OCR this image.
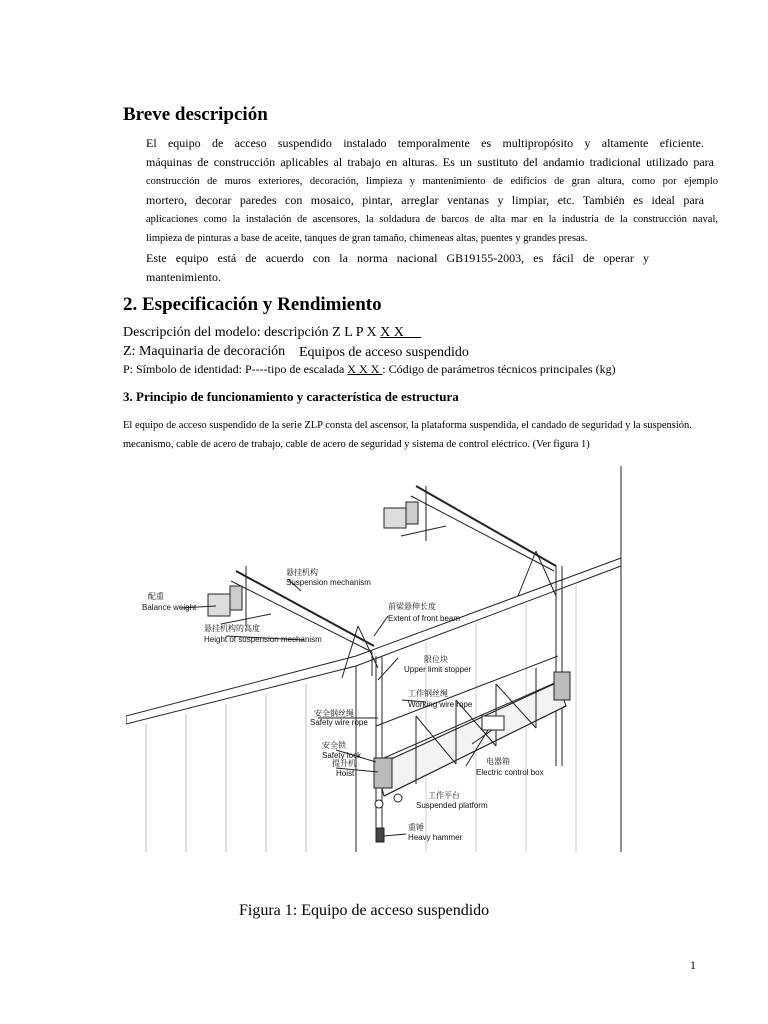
Breve descripción
El equipo de acceso suspendido instalado temporalmente es multipropósito y altamente eficiente.
máquinas de construcción aplicables al trabajo en alturas. Es un sustituto del andamio tradicional utilizado para
construcción de muros exteriores, decoración, limpieza y mantenimiento de edificios de gran altura, como por ejemplo
mortero, decorar paredes con mosaico, pintar, arreglar ventanas y limpiar, etc. También es ideal para
aplicaciones como la instalación de ascensores, la soldadura de barcos de alta mar en la industria de la construcción naval,
limpieza de pinturas a base de aceite, tanques de gran tamaño, chimeneas altas, puentes y grandes presas.
Este equipo está de acuerdo con la norma nacional GB19155-2003, es fácil de operar y
mantenimiento.
2. Especificación y Rendimiento
Descripción del modelo: descripción Z L P X X X
Z: Maquinaria de decoración Equipos de acceso suspendido
P: Símbolo de identidad: P----tipo de escalada X X X : Código de parámetros técnicos principales (kg)
3. Principio de funcionamiento y característica de estructura
El equipo de acceso suspendido de la serie ZLP consta del ascensor, la plataforma suspendida, el candado de seguridad y la suspensión.
mecanismo, cable de acero de trabajo, cable de acero de seguridad y sistema de control eléctrico. (Ver figura 1)
悬挂机构
Suspension mechanism
配重
Balance weight
悬挂机构的高度
Height of suspension mechanism
前梁悬伸长度
Extent of front beam
限位块
Upper limit stopper
工作钢丝绳
Working wire rope
安全钢丝绳
Safety wire rope
安全锁
Safety lock
提升机
Hoist
电器箱
Electric control box
工作平台
Suspended platform
重锤
Heavy hammer
Figura 1: Equipo de acceso suspendido
1
